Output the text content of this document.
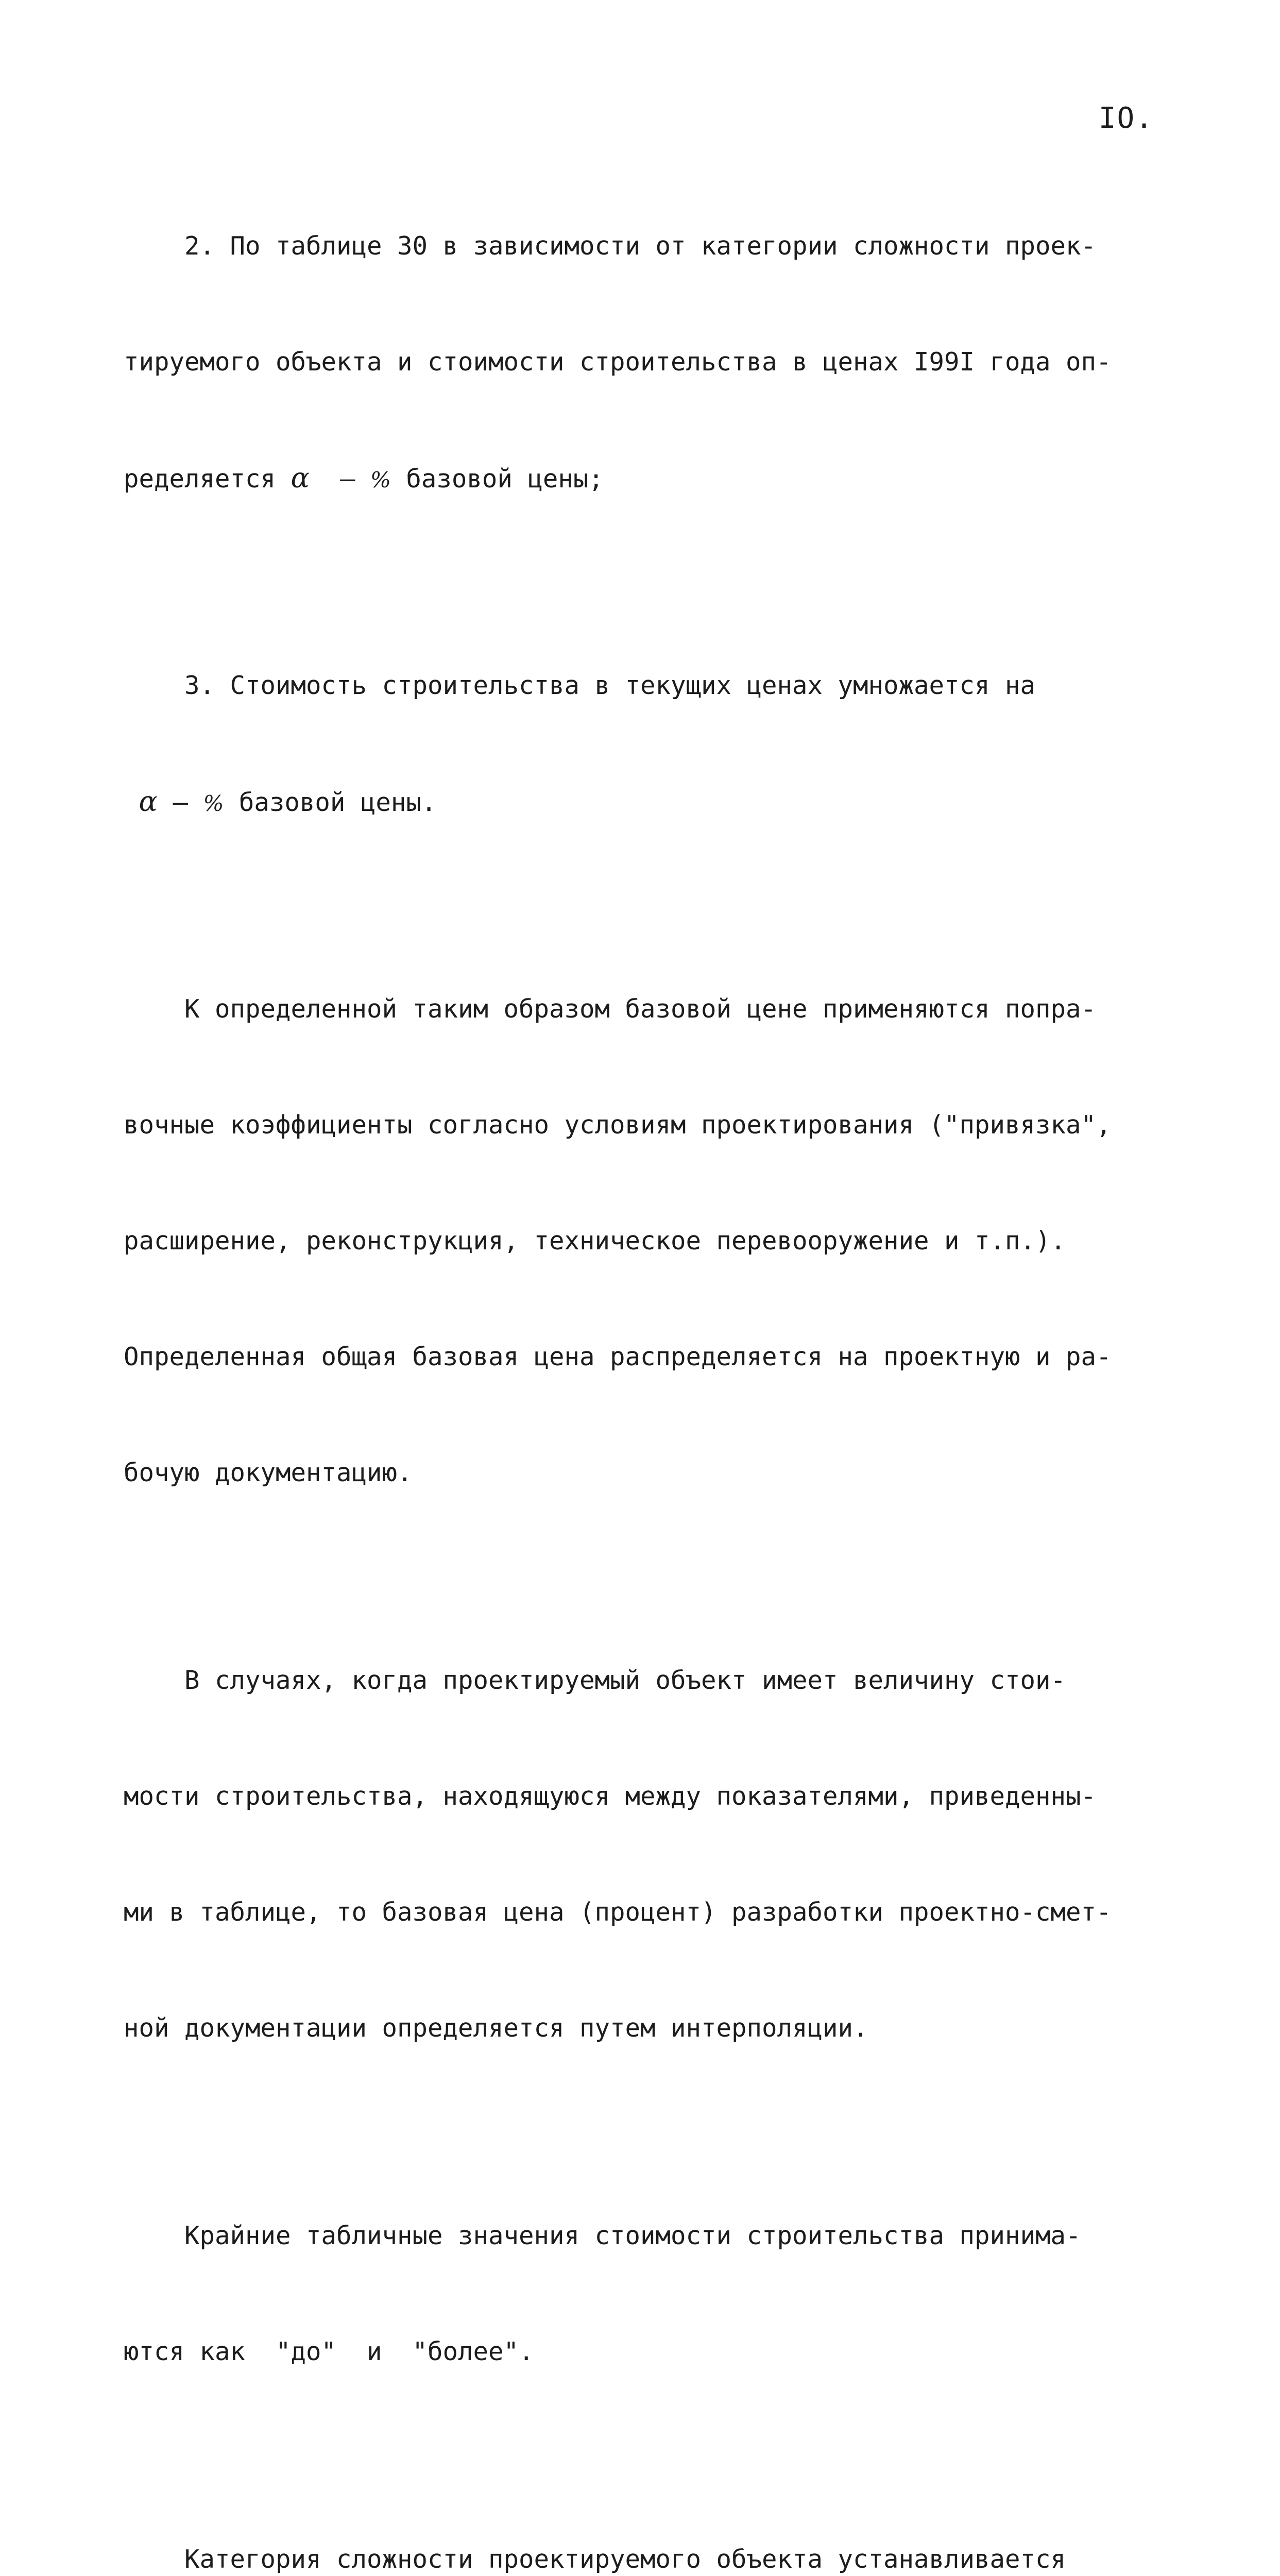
IO.

2. По таблице 30 в зависимости от категории сложности проек-

тируемого объекта и стоимости строительства в ценах I99I года оп-

ределяется α  – % базовой цены;

3. Стоимость строительства в текущих ценах умножается на

α – % базовой цены.

К определенной таким образом базовой цене применяются попра-

вочные коэффициенты согласно условиям проектирования ("привязка",

расширение, реконструкция, техническое перевооружение и т.п.).

Определенная общая базовая цена распределяется на проектную и ра-

бочую документацию.

В случаях, когда проектируемый объект имеет величину стои-

мости строительства, находящуюся между показателями, приведенны-

ми в таблице, то базовая цена (процент) разработки проектно-смет-

ной документации определяется путем интерполяции.

Крайние табличные значения стоимости строительства принима-

ются как  "до"  и  "более".

Категория сложности проектируемого объекта устанавливается
